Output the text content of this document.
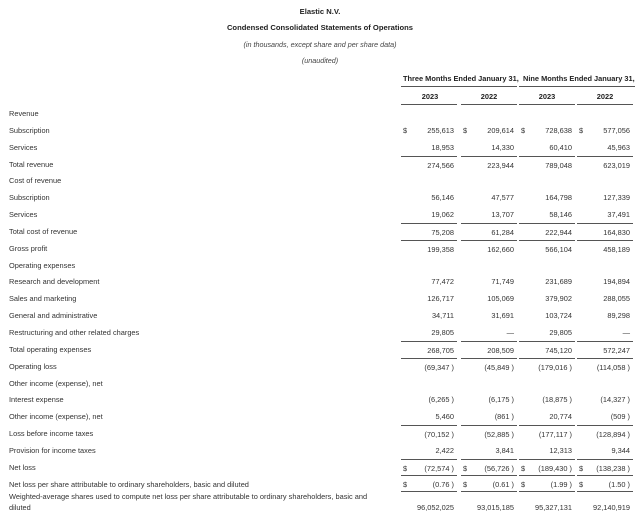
Elastic N.V.
Condensed Consolidated Statements of Operations
(in thousands, except share and per share data)
(unaudited)
Three Months Ended January 31, Nine Months Ended January 31,
2023	2022	2023	2022
Revenue
Subscription	$	255,613 $	209,614 $	728,638 $	577,056
Services	18,953	14,330	60,410	45,963
Total revenue	274,566	223,944	789,048	623,019
Cost of revenue
Subscription	56,146	47,577	164,798	127,339
Services	19,062	13,707	58,146	37,491
Total cost of revenue	75,208	61,284	222,944	164,830
Gross profit	199,358	162,660	566,104	458,189
Operating expenses
Research and development	77,472	71,749	231,689	194,894
Sales and marketing	126,717	105,069	379,902	288,055
General and administrative	34,711	31,691	103,724	89,298
Restructuring and other related charges	29,805	—	29,805	—
Total operating expenses	268,705	208,509	745,120	572,247
Operating loss	(69,347 )	(45,849 )	(179,016 )	(114,058 )
Other income (expense), net
Interest expense	(6,265 )	(6,175 )	(18,875 )	(14,327 )
Other income (expense), net	5,460	(861 )	20,774	(509 )
Loss before income taxes	(70,152 )	(52,885 )	(177,117 )	(128,894 )
Provision for income taxes	2,422	3,841	12,313	9,344
Net loss	$ (72,574 ) $ (56,726 ) $ (189,430 ) $ (138,238 )
Net loss per share attributable to ordinary shareholders, basic and diluted	$	(0.76 ) $	(0.61 ) $	(1.99 ) $	(1.50 )
Weighted-average shares used to compute net loss per share attributable to ordinary shareholders, basic and diluted	96,052,025	93,015,185	95,327,131	92,140,919
